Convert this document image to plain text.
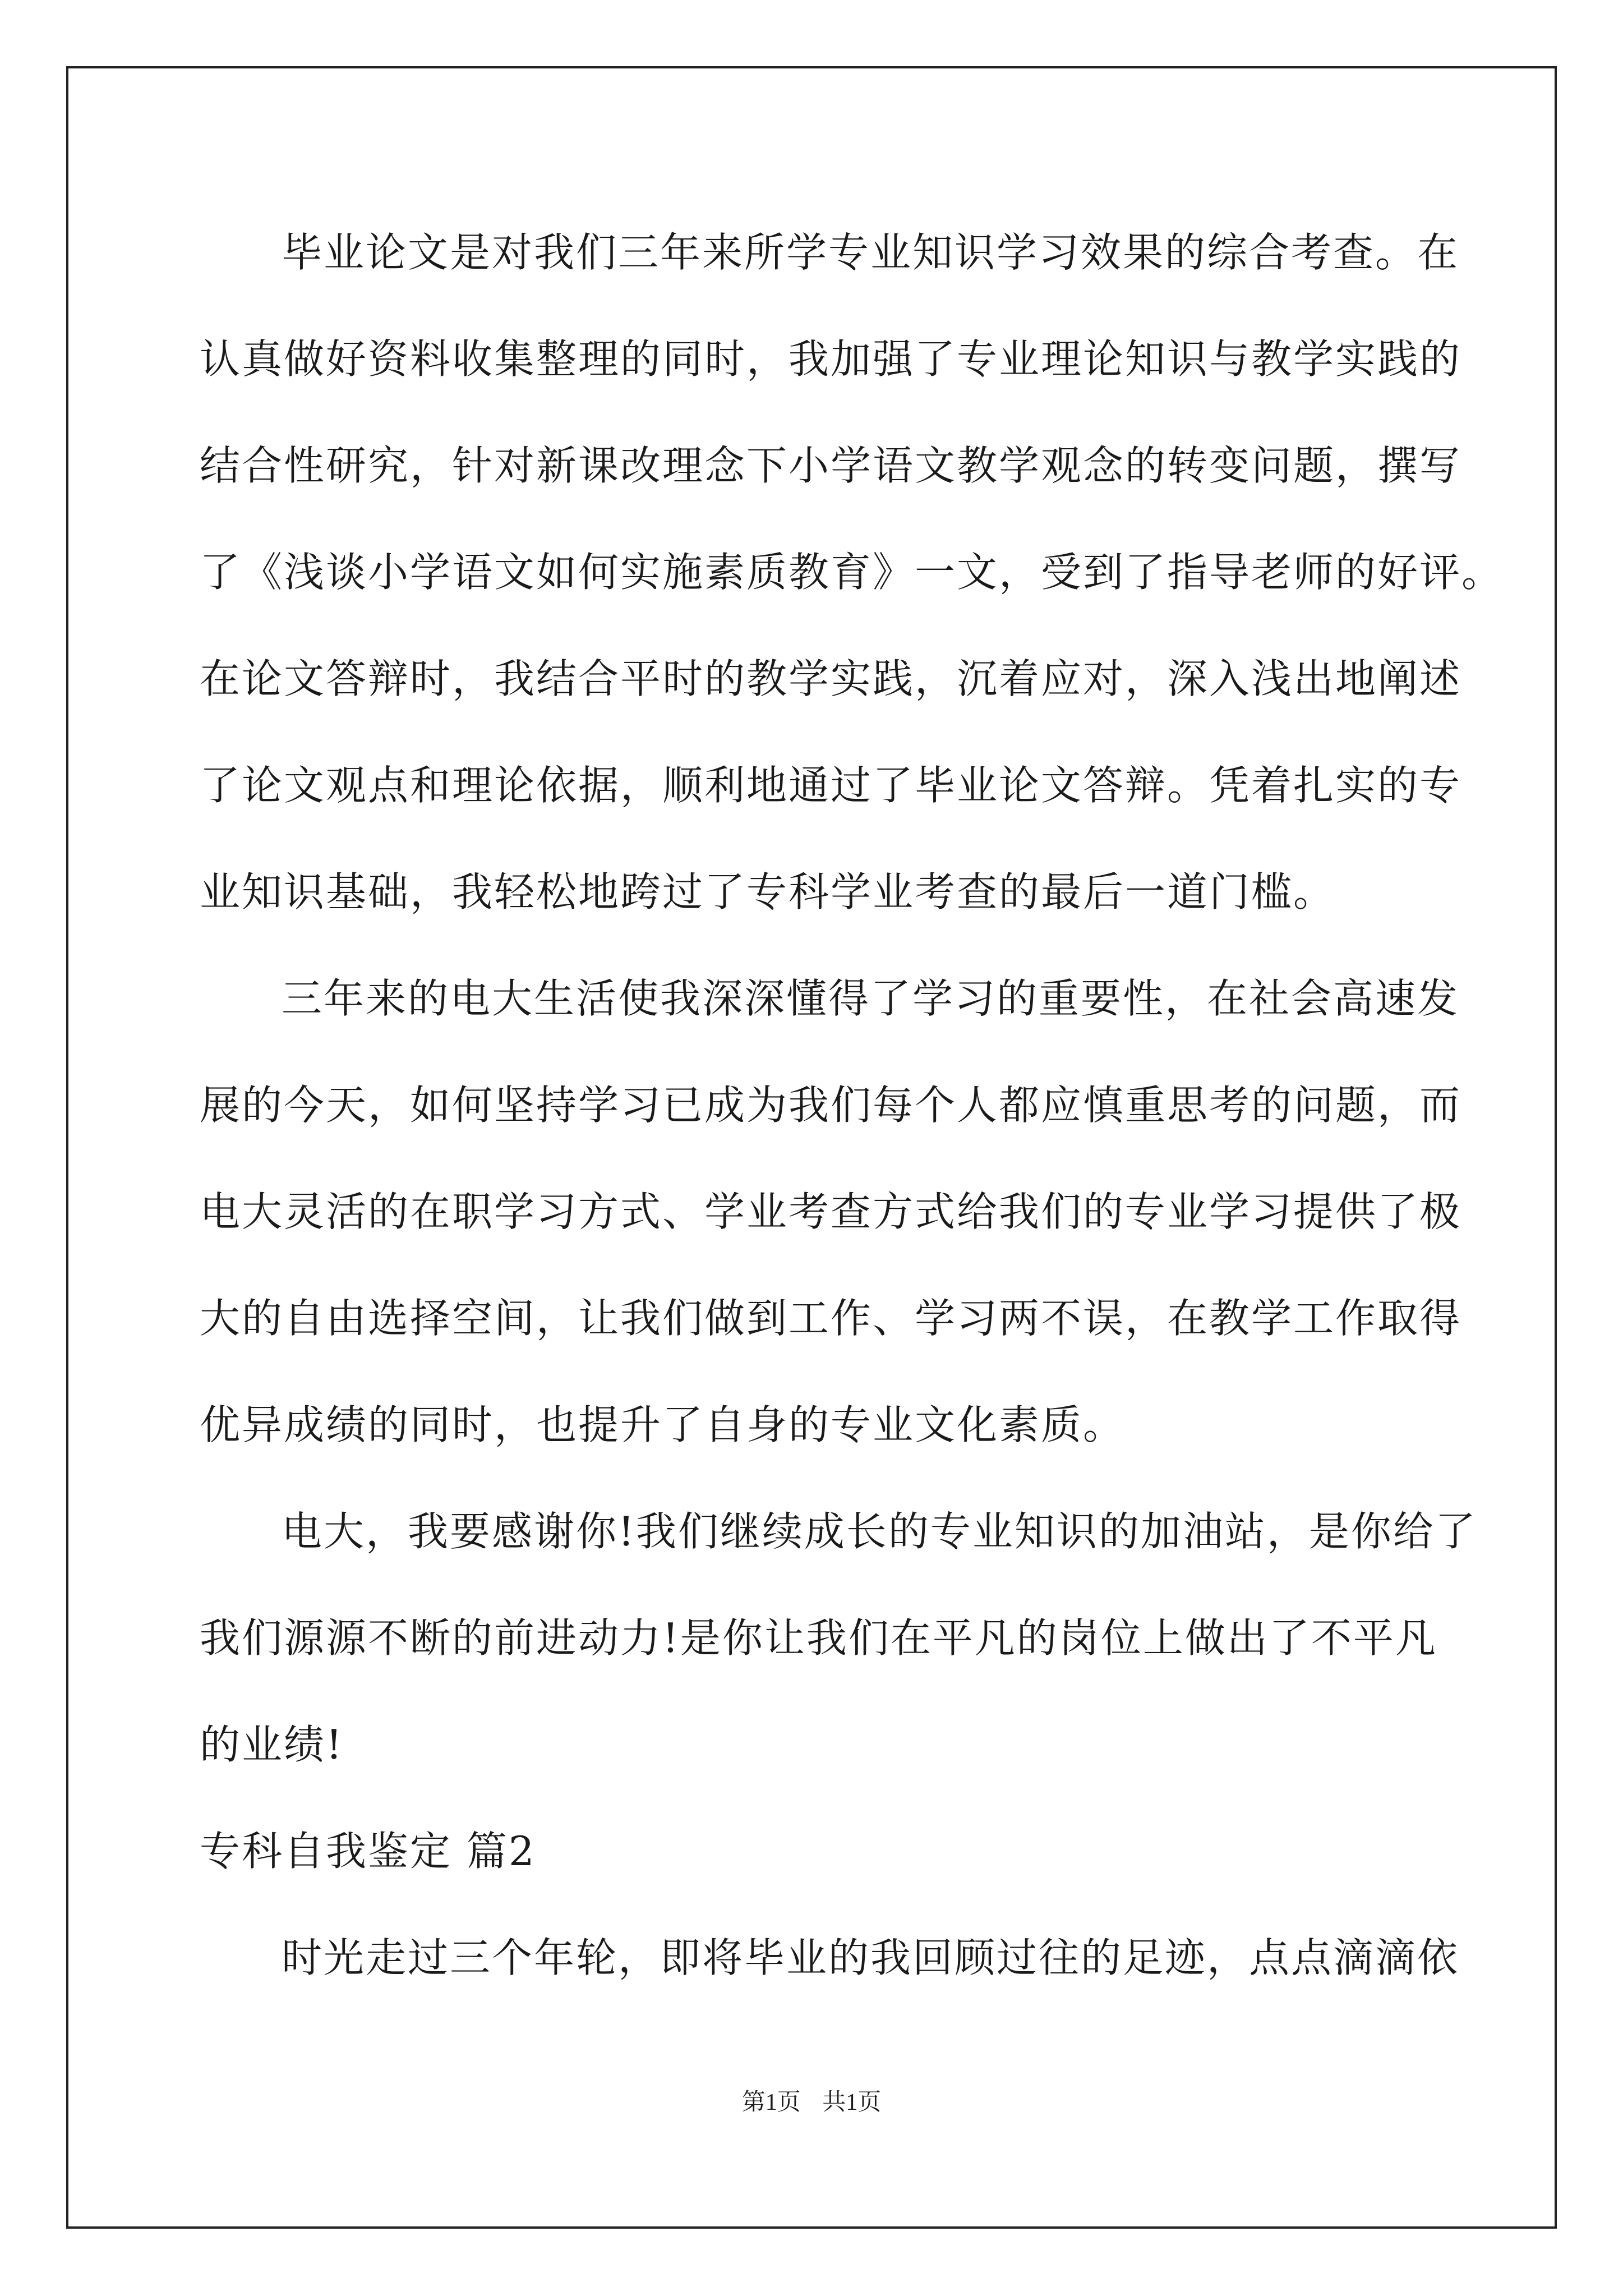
毕业论文是对我们三年来所学专业知识学习效果的综合考查。在
认真做好资料收集整理的同时，我加强了专业理论知识与教学实践的
结合性研究，针对新课改理念下小学语文教学观念的转变问题，撰写
了《浅谈小学语文如何实施素质教育》一文，受到了指导老师的好评。
在论文答辩时，我结合平时的教学实践，沉着应对，深入浅出地阐述
了论文观点和理论依据，顺利地通过了毕业论文答辩。凭着扎实的专
业知识基础，我轻松地跨过了专科学业考查的最后一道门槛。
三年来的电大生活使我深深懂得了学习的重要性，在社会高速发
展的今天，如何坚持学习已成为我们每个人都应慎重思考的问题，而
电大灵活的在职学习方式、学业考查方式给我们的专业学习提供了极
大的自由选择空间，让我们做到工作、学习两不误，在教学工作取得
优异成绩的同时，也提升了自身的专业文化素质。
电大，我要感谢你!我们继续成长的专业知识的加油站，是你给了
我们源源不断的前进动力!是你让我们在平凡的岗位上做出了不平凡
的业绩!
专科自我鉴定 篇2
时光走过三个年轮，即将毕业的我回顾过往的足迹，点点滴滴依
第1页 共1页
